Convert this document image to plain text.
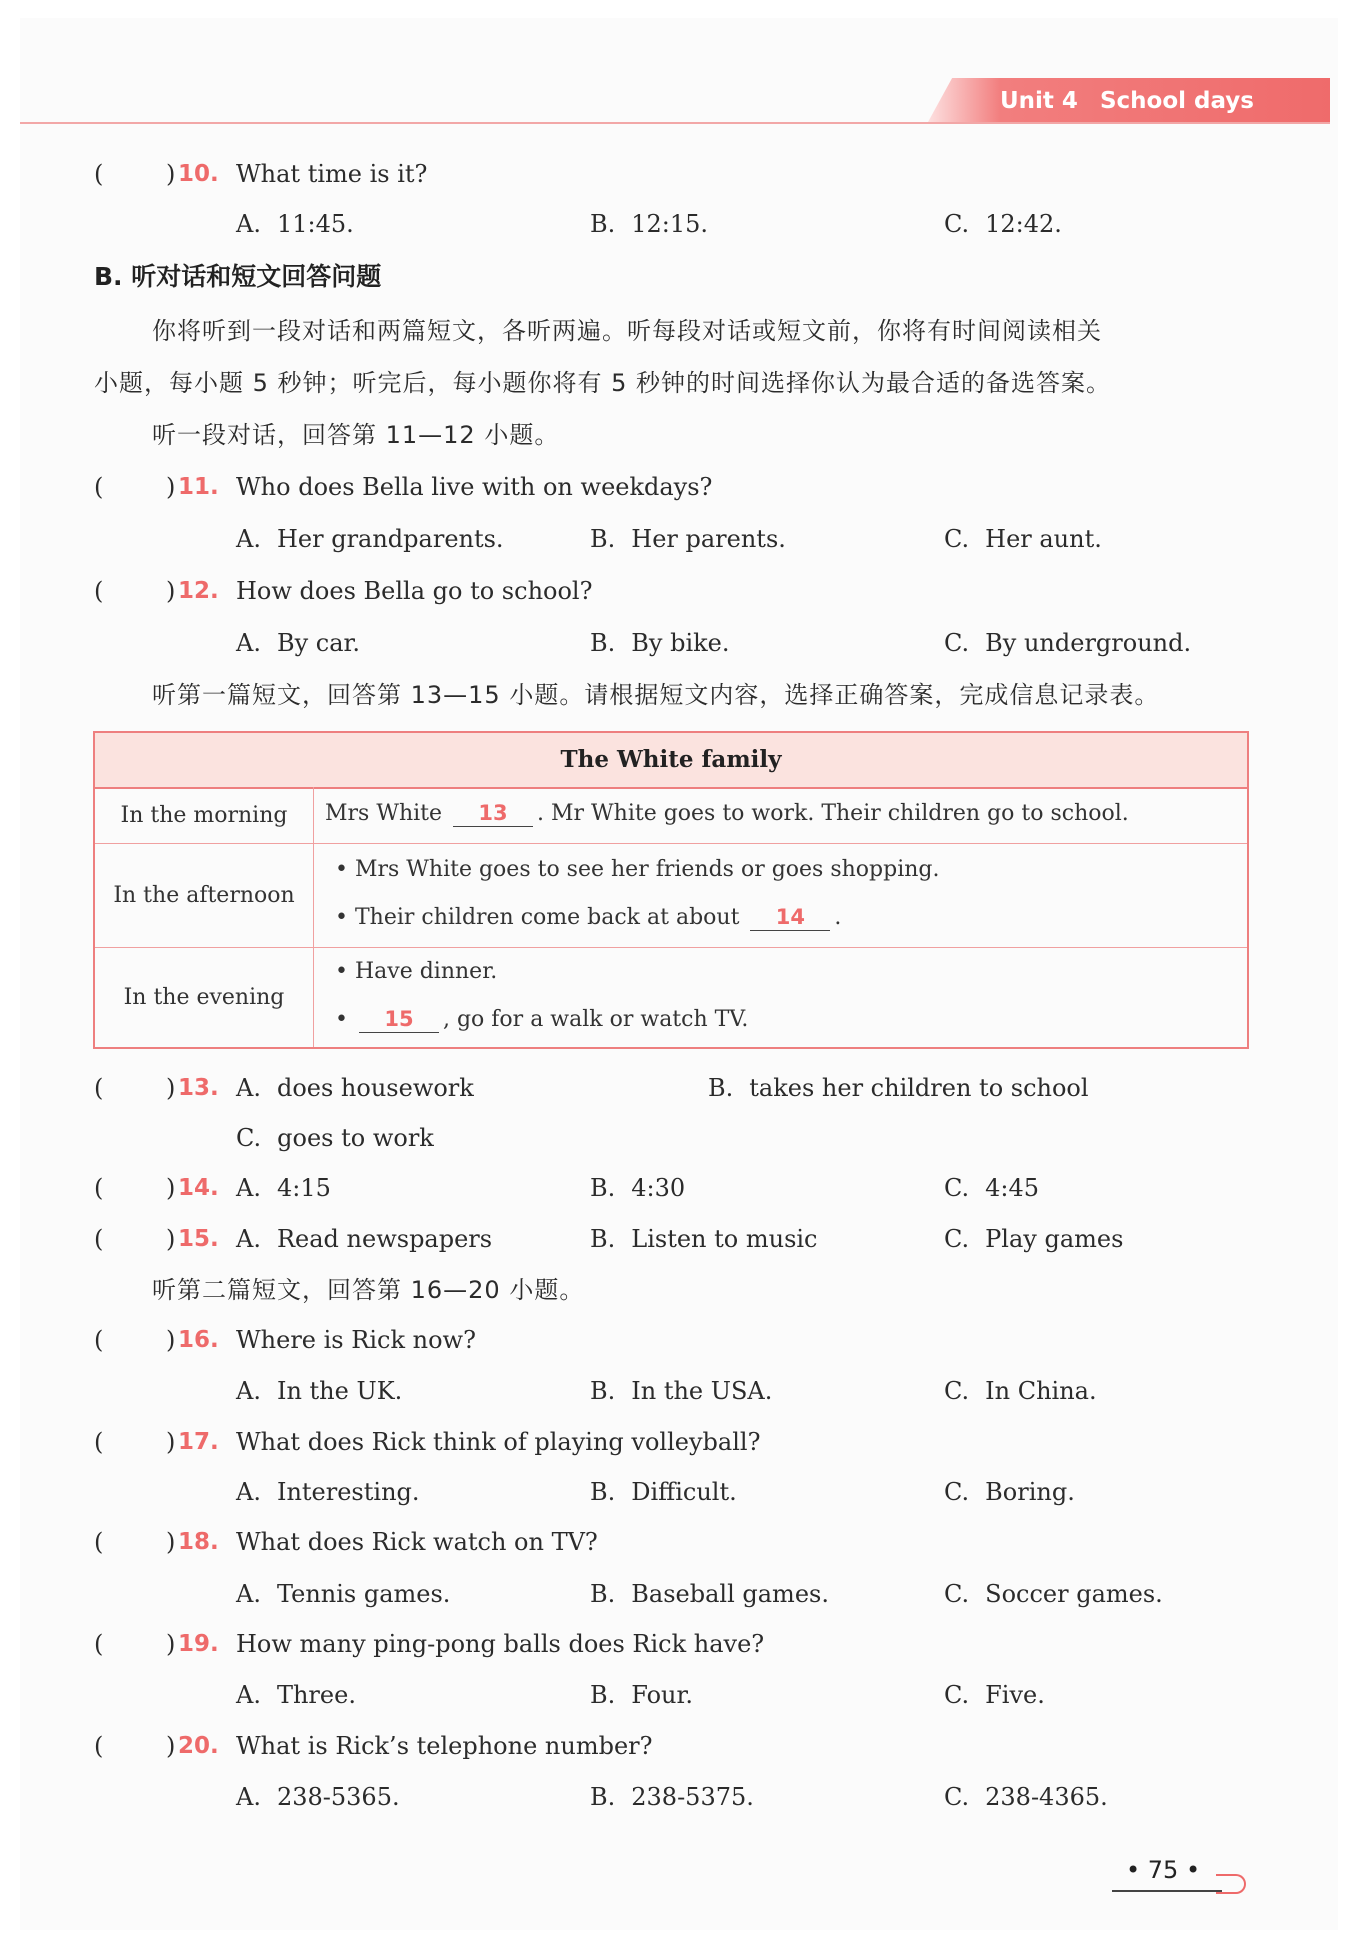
Unit 4 School days
(	) 10. What time is it?
A. 11:45.	B. 12:15.	C. 12:42.
B. 听对话和短文回答问题
你将听到一段对话和两篇短文，各听两遍。听每段对话或短文前，你将有时间阅读相关
小题，每小题 5 秒钟；听完后，每小题你将有 5 秒钟的时间选择你认为最合适的备选答案。
听一段对话，回答第 11—12 小题。
(	) 11. Who does Bella live with on weekdays?
A. Her grandparents.	B. Her parents.	C. Her aunt.
(	) 12. How does Bella go to school?
A. By car.	B. By bike.	C. By underground.
听第一篇短文，回答第 13—15 小题。请根据短文内容，选择正确答案，完成信息记录表。
The White family
In the morning	Mrs White 13 . Mr White goes to work. Their children go to school.
In the afternoon
• Mrs White goes to see her friends or goes shopping.
• Their children come back at about 14 .
In the evening
• Have dinner.
• 15 , go for a walk or watch TV.
(	) 13. A. does housework	B. takes her children to school
C. goes to work
(	) 14. A. 4:15	B. 4:30	C. 4:45
(	) 15. A. Read newspapers	B. Listen to music	C. Play games
听第二篇短文，回答第 16—20 小题。
(	) 16. Where is Rick now?
A. In the UK.	B. In the USA.	C. In China.
(	) 17. What does Rick think of playing volleyball?
A. Interesting.	B. Difficult.	C. Boring.
(	) 18. What does Rick watch on TV?
A. Tennis games.	B. Baseball games.	C. Soccer games.
(	) 19. How many ping-pong balls does Rick have?
A. Three.	B. Four.	C. Five.
(	) 20. What is Rick’s telephone number?
A. 238-5365.	B. 238-5375.	C. 238-4365.
• 75 •
